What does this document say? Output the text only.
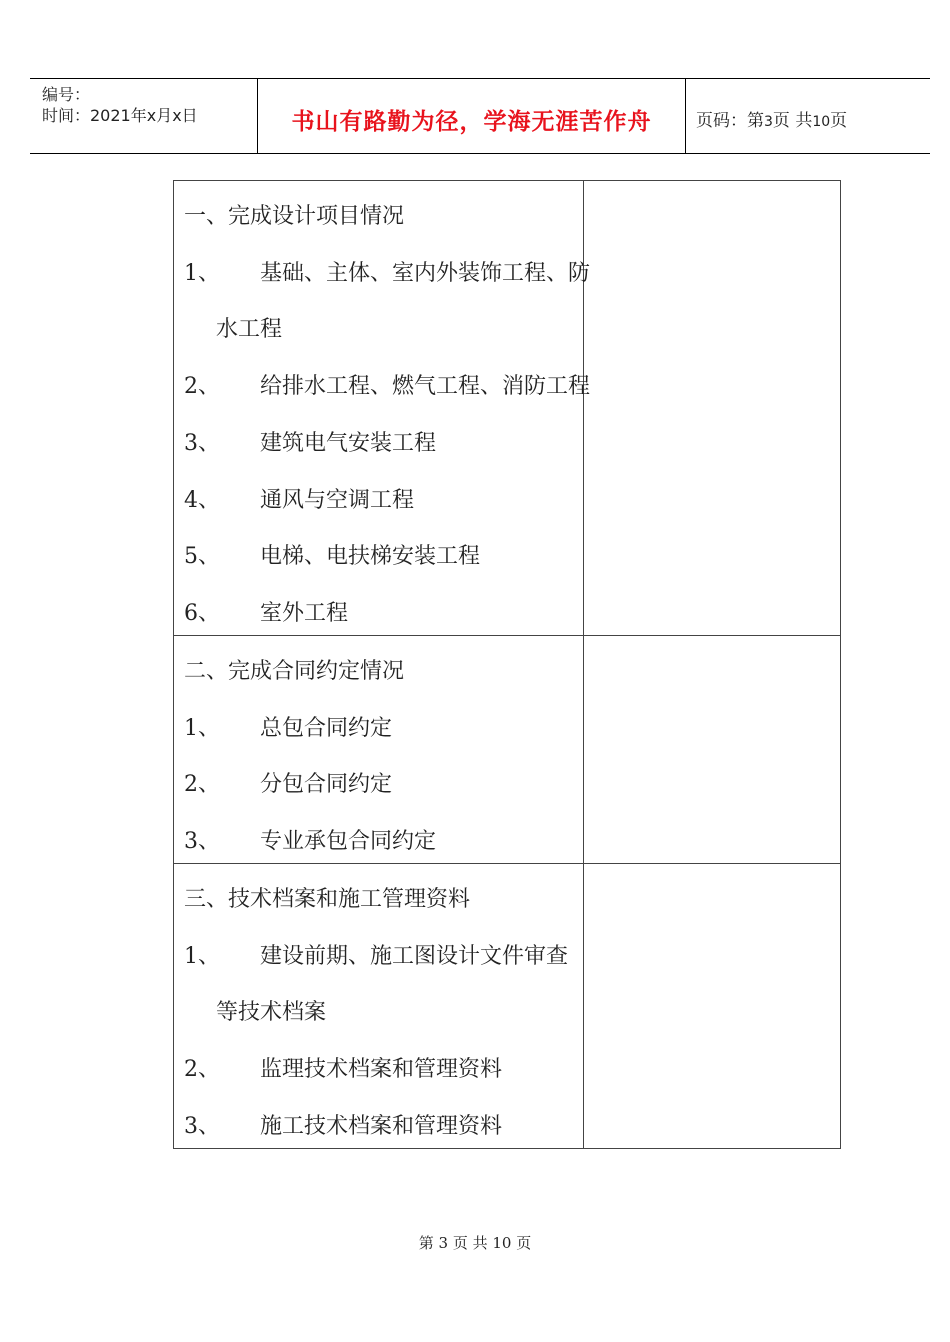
编号：
时间：2021年x月x日	书山有路勤为径，学海无涯苦作舟	页码：第3页 共10页
一、完成设计项目情况
1、 基础、主体、室内外装饰工程、防
水工程
2、 给排水工程、燃气工程、消防工程
3、 建筑电气安装工程
4、 通风与空调工程
5、 电梯、电扶梯安装工程
6、 室外工程
二、完成合同约定情况
1、 总包合同约定
2、 分包合同约定
3、 专业承包合同约定
三、技术档案和施工管理资料
1、 建设前期、施工图设计文件审查
等技术档案
2、 监理技术档案和管理资料
3、 施工技术档案和管理资料
第 3 页 共 10 页
